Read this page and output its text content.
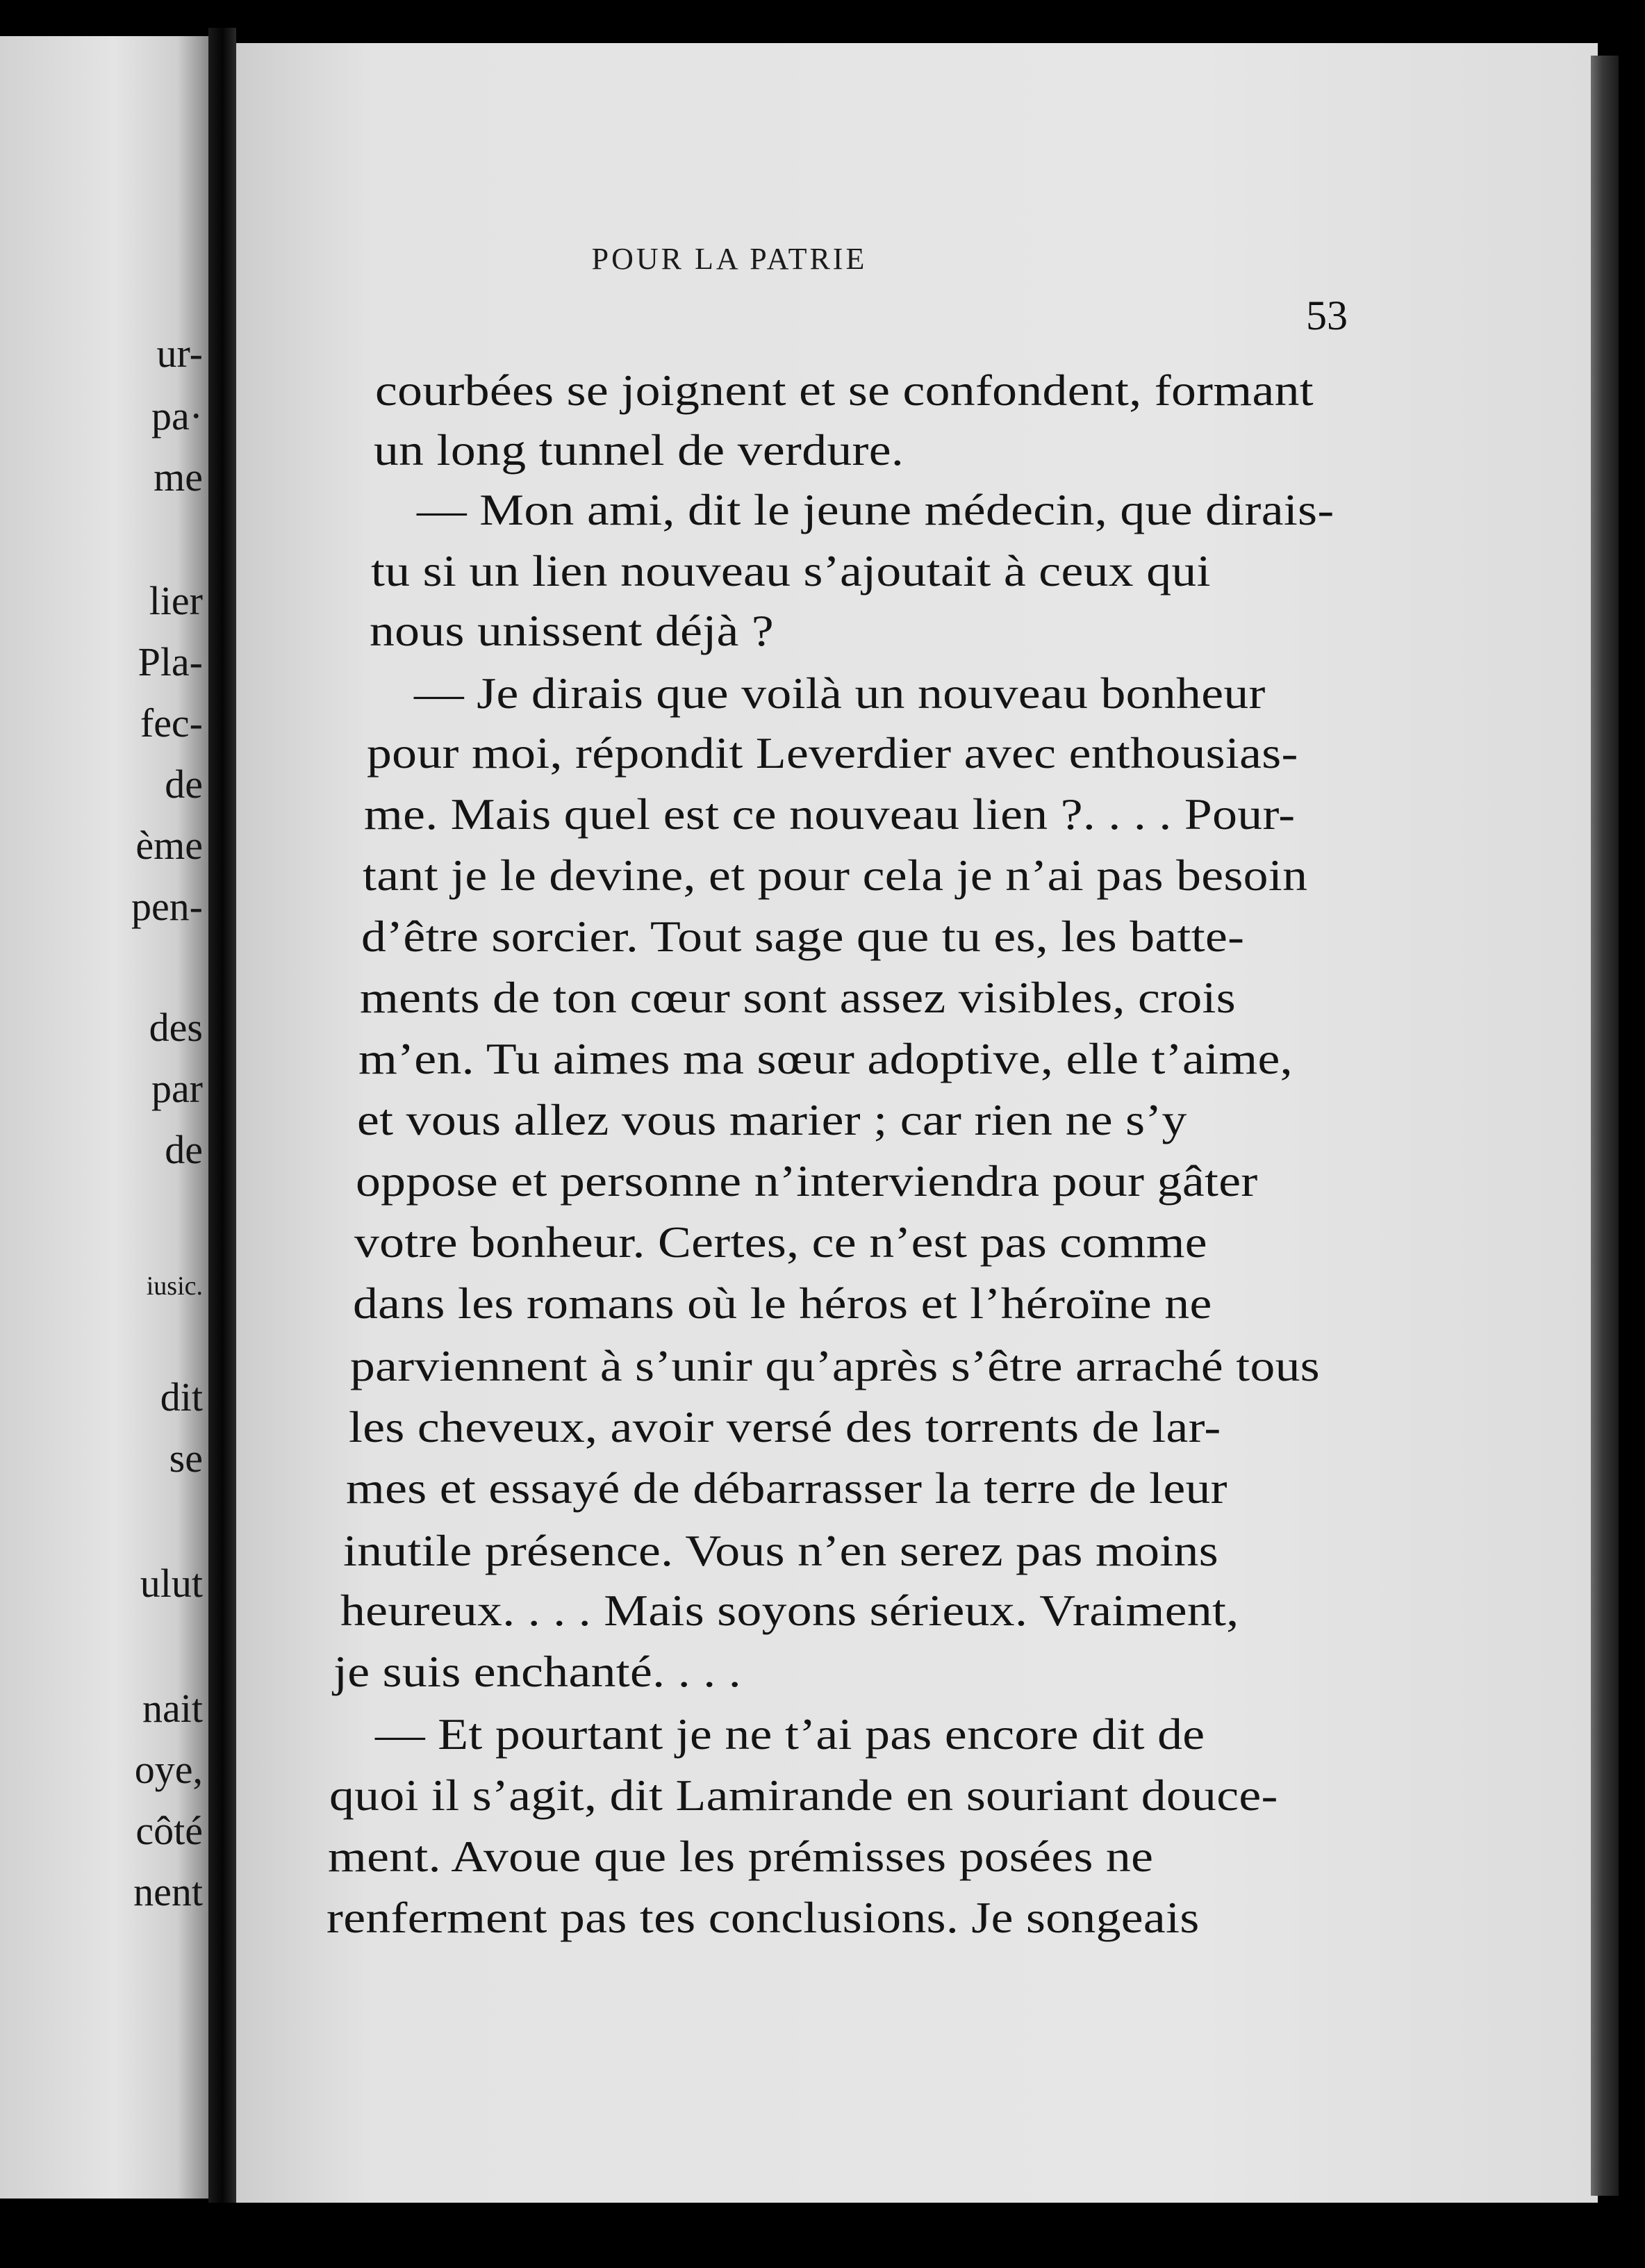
ur-
pa·
me
lier
Pla-
fec-
de
ème
pen-
des
par
de
iusic.
dit
se
ulut
nait
oye,
côté
nent
POUR LA PATRIE
53
courbées se joignent et se confondent, formant
un long tunnel de verdure.
— Mon ami, dit le jeune médecin, que dirais-
tu si un lien nouveau s’ajoutait à ceux qui
nous unissent déjà ?
— Je dirais que voilà un nouveau bonheur
pour moi, répondit Leverdier avec enthousias-
me. Mais quel est ce nouveau lien ?. . . . Pour-
tant je le devine, et pour cela je n’ai pas besoin
d’être sorcier. Tout sage que tu es, les batte-
ments de ton cœur sont assez visibles, crois
m’en. Tu aimes ma sœur adoptive, elle t’aime,
et vous allez vous marier ; car rien ne s’y
oppose et personne n’interviendra pour gâter
votre bonheur. Certes, ce n’est pas comme
dans les romans où le héros et l’héroïne ne
parviennent à s’unir qu’après s’être arraché tous
les cheveux, avoir versé des torrents de lar-
mes et essayé de débarrasser la terre de leur
inutile présence. Vous n’en serez pas moins
heureux. . . . Mais soyons sérieux. Vraiment,
je suis enchanté. . . .
— Et pourtant je ne t’ai pas encore dit de
quoi il s’agit, dit Lamirande en souriant douce-
ment. Avoue que les prémisses posées ne
renferment pas tes conclusions. Je songeais
